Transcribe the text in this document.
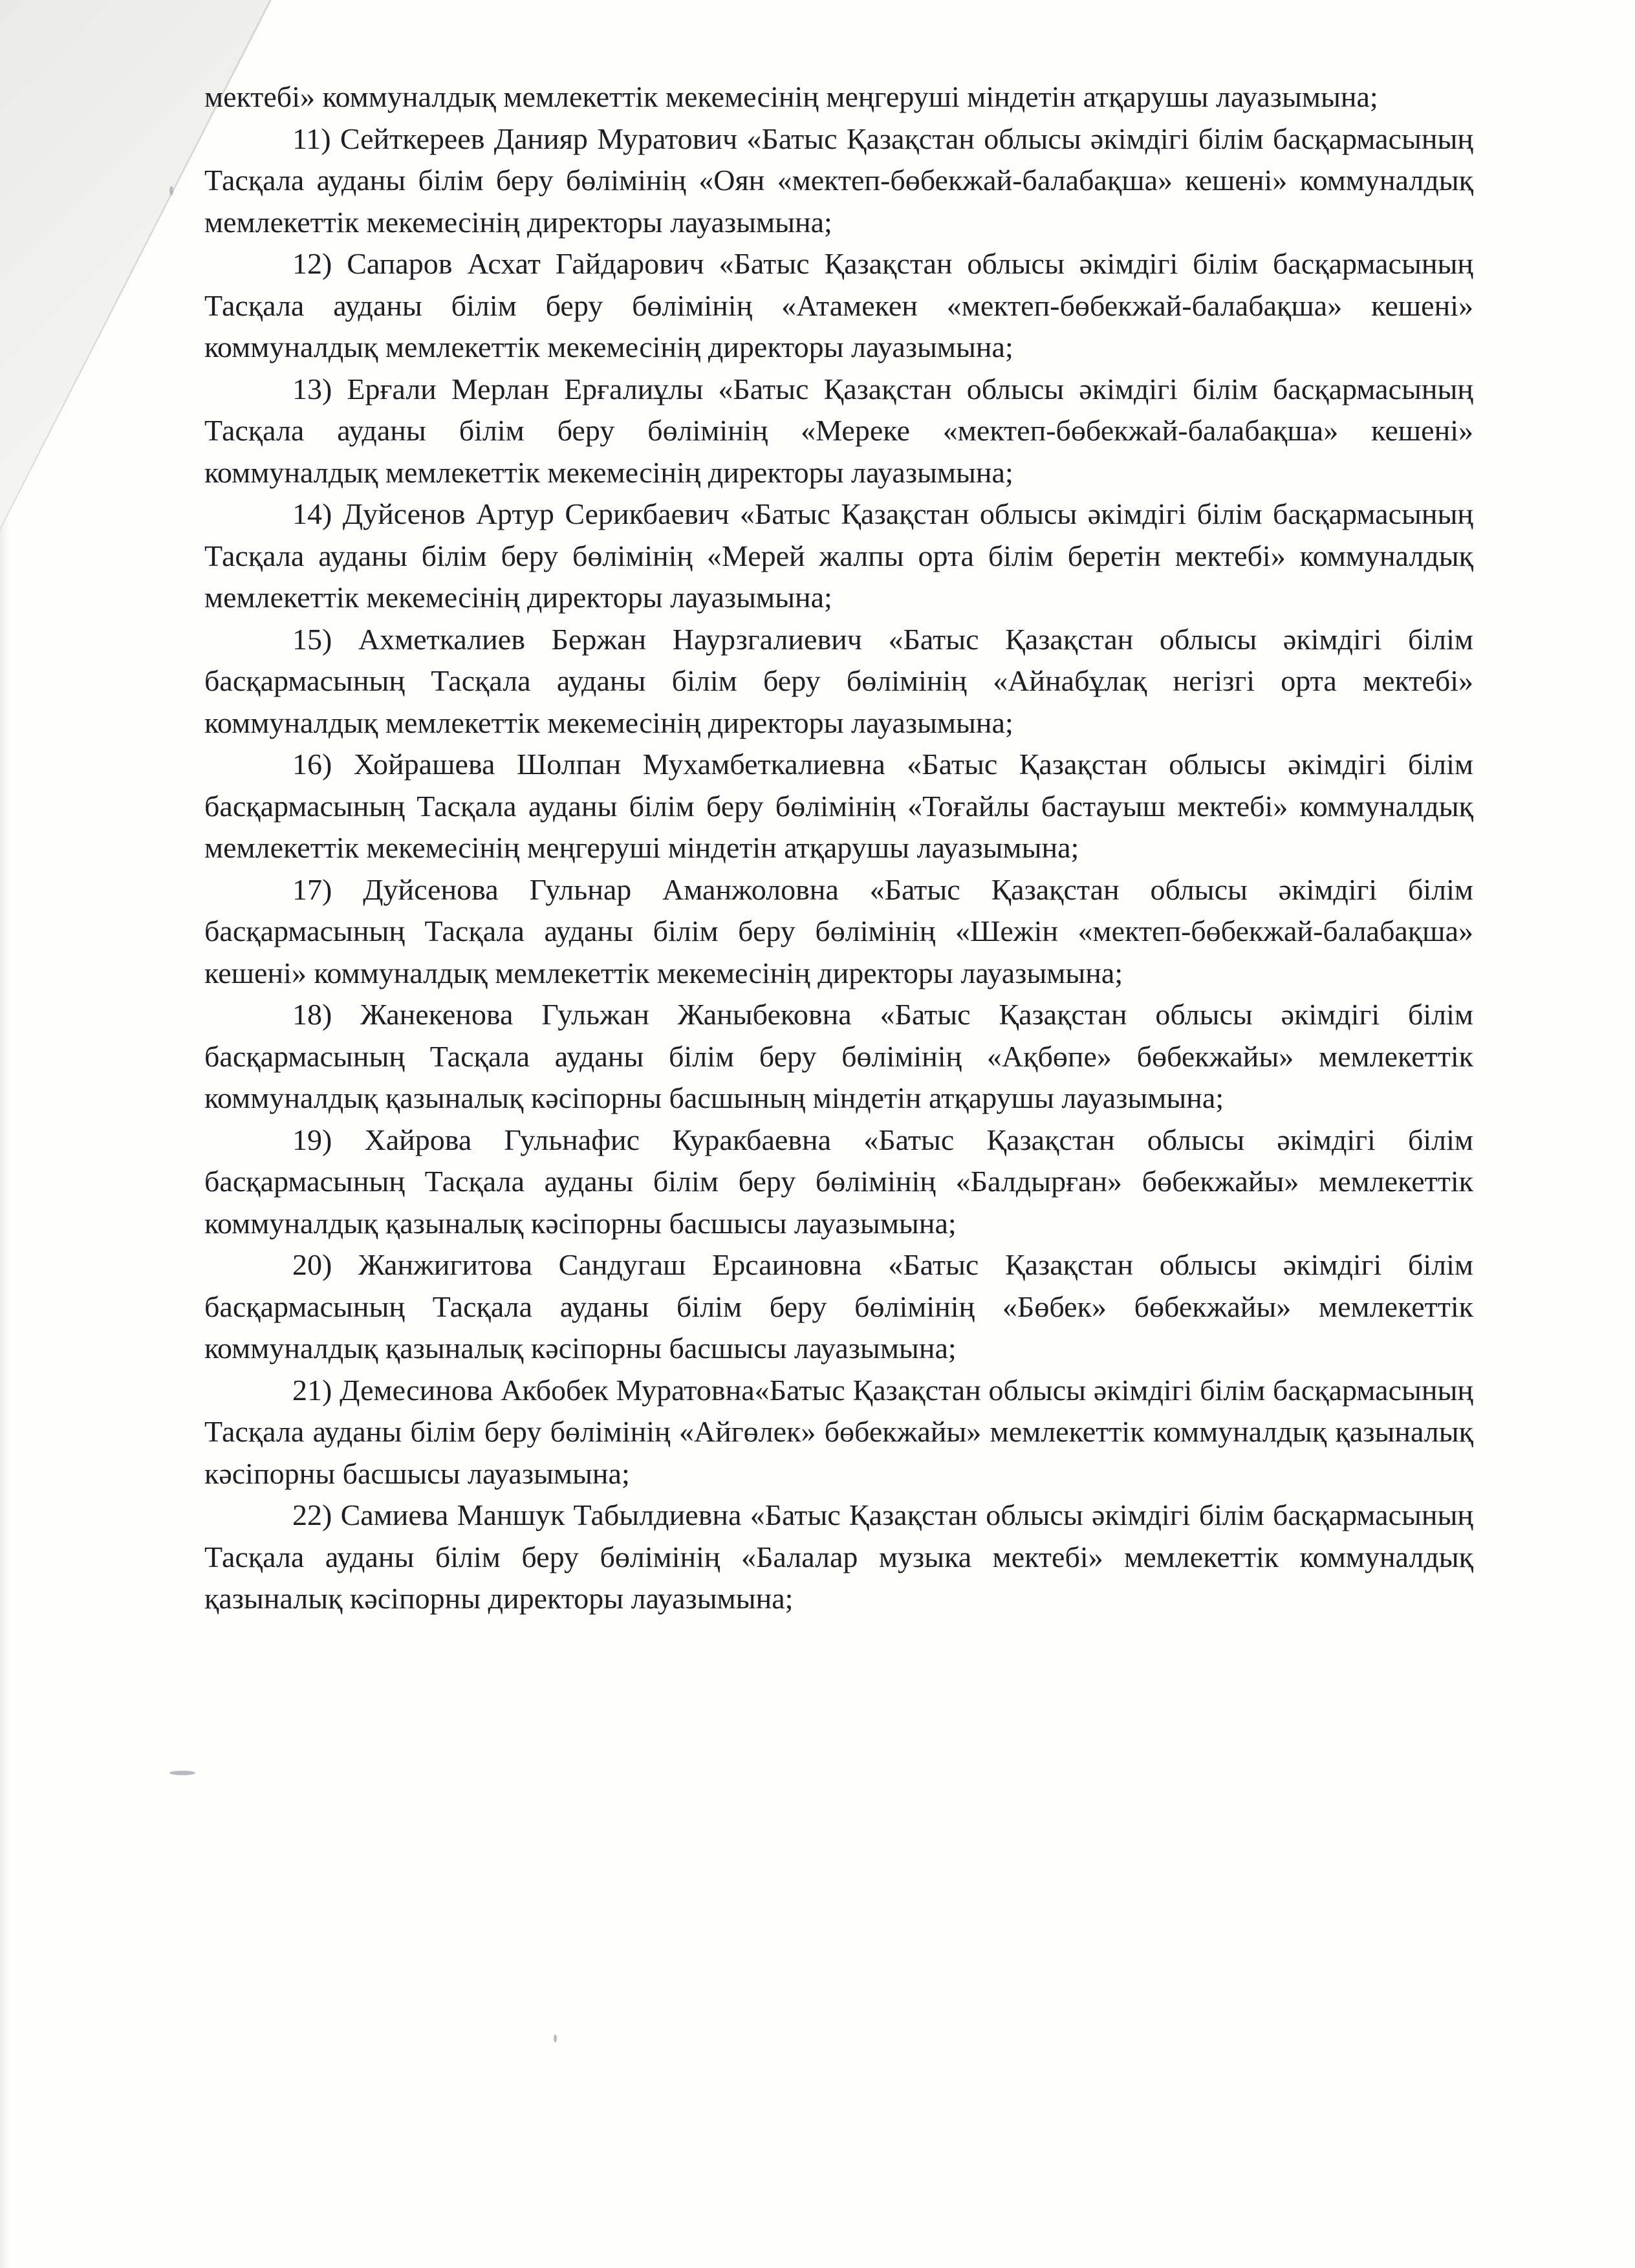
мектебі» коммуналдық мемлекеттік мекемесінің меңгеруші міндетін атқарушы лауазымына;

11) Сейткереев Данияр Муратович «Батыс Қазақстан облысы әкімдігі білім басқармасының Тасқала ауданы білім беру бөлімінің «Оян «мектеп-бөбекжай-балабақша» кешені» коммуналдық мемлекеттік мекемесінің директоры лауазымына;

12) Сапаров Асхат Гайдарович «Батыс Қазақстан облысы әкімдігі білім басқармасының Тасқала ауданы білім беру бөлімінің «Атамекен «мектеп-бөбекжай-балабақша» кешені» коммуналдық мемлекеттік мекемесінің директоры лауазымына;

13) Ерғали Мерлан Ерғалиұлы «Батыс Қазақстан облысы әкімдігі білім басқармасының Тасқала ауданы білім беру бөлімінің «Мереке «мектеп-бөбекжай-балабақша» кешені» коммуналдық мемлекеттік мекемесінің директоры лауазымына;

14) Дуйсенов Артур Серикбаевич «Батыс Қазақстан облысы әкімдігі білім басқармасының Тасқала ауданы білім беру бөлімінің «Мерей жалпы орта білім беретін мектебі» коммуналдық мемлекеттік мекемесінің директоры лауазымына;

15) Ахметкалиев Бержан Наурзгалиевич «Батыс Қазақстан облысы әкімдігі білім басқармасының Тасқала ауданы білім беру бөлімінің «Айнабұлақ негізгі орта мектебі» коммуналдық мемлекеттік мекемесінің директоры лауазымына;

16) Хойрашева Шолпан Мухамбеткалиевна «Батыс Қазақстан облысы әкімдігі білім басқармасының Тасқала ауданы білім беру бөлімінің «Тоғайлы бастауыш мектебі» коммуналдық мемлекеттік мекемесінің меңгеруші міндетін атқарушы лауазымына;

17) Дуйсенова Гульнар Аманжоловна «Батыс Қазақстан облысы әкімдігі білім басқармасының Тасқала ауданы білім беру бөлімінің «Шежін «мектеп-бөбекжай-балабақша» кешені» коммуналдық мемлекеттік мекемесінің директоры лауазымына;

18) Жанекенова Гульжан Жаныбековна «Батыс Қазақстан облысы әкімдігі білім басқармасының Тасқала ауданы білім беру бөлімінің «Ақбөпе» бөбекжайы» мемлекеттік коммуналдық қазыналық кәсіпорны басшының міндетін атқарушы лауазымына;

19) Хайрова Гульнафис Куракбаевна «Батыс Қазақстан облысы әкімдігі білім басқармасының Тасқала ауданы білім беру бөлімінің «Балдырған» бөбекжайы» мемлекеттік коммуналдық қазыналық кәсіпорны басшысы лауазымына;

20) Жанжигитова Сандугаш Ерсаиновна «Батыс Қазақстан облысы әкімдігі білім басқармасының Тасқала ауданы білім беру бөлімінің «Бөбек» бөбекжайы» мемлекеттік коммуналдық қазыналық кәсіпорны басшысы лауазымына;

21) Демесинова Акбобек Муратовна«Батыс Қазақстан облысы әкімдігі білім басқармасының Тасқала ауданы білім беру бөлімінің «Айгөлек» бөбекжайы» мемлекеттік коммуналдық қазыналық кәсіпорны басшысы лауазымына;

22) Самиева Маншук Табылдиевна «Батыс Қазақстан облысы әкімдігі білім басқармасының Тасқала ауданы білім беру бөлімінің «Балалар музыка мектебі» мемлекеттік коммуналдық қазыналық кәсіпорны директоры лауазымына;
